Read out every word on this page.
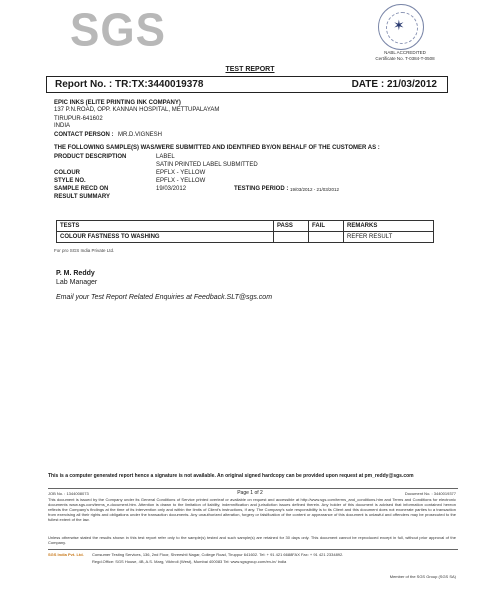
SGS	✶
NABL ACCREDITED
Certificate No. T-0384-T-0508
TEST REPORT
Report No. : TR:TX:3440019378	DATE : 21/03/2012
EPIC INKS (ELITE PRINTING INK COMPANY)
137 P.N.ROAD, OPP. KANNAN HOSPITAL, METTUPALAYAM
TIRUPUR-641602
INDIA
CONTACT PERSON : MR.D.VIGNESH
THE FOLLOWING SAMPLE(S) WAS/WERE SUBMITTED AND IDENTIFIED BY/ON BEHALF OF THE CUSTOMER AS :
PRODUCT DESCRIPTION	LABEL
SATIN PRINTED LABEL SUBMITTED
COLOUR	EPFLX - YELLOW
STYLE NO.	EPFLX - YELLOW
SAMPLE RECD ON	19/03/2012	TESTING PERIOD : 19/03/2012 - 21/03/2012
RESULT SUMMARY
TESTS	PASS	FAIL	REMARKS
COLOUR FASTNESS TO WASHING			REFER RESULT
For pro SGS India Private Ltd.
P. M. Reddy
Lab Manager
Email your Test Report Related Enquiries at Feedback.SLT@sgs.com
This is a computer generated report hence a signature is not available. An original signed hardcopy can be provided upon request at pm_reddy@sgs.com
JOB No. : 1344008073	Page 1 of 2	Document No. : 3440019377
This document is issued by the Company under its General Conditions of Service printed overleaf or available on request and accessible at http://www.sgs.com/terms_and_conditions.htm and Terms and Conditions for electronic documents www.sgs.com/terms_e-document.htm. Attention is drawn to the limitation of liability, indemnification and jurisdiction issues defined therein. Any holder of this document is advised that information contained hereon reflects the Company's findings at the time of its intervention only and within the limits of Client's instructions, if any. The Company's sole responsibility is to its Client and this document does not exonerate parties to a transaction from exercising all their rights and obligations under the transaction documents. Any unauthorized alteration, forgery or falsification of the content or appearance of this document is unlawful and offenders may be prosecuted to the fullest extent of the law.
Unless otherwise stated the results shown in this test report refer only to the sample(s) tested and such sample(s) are retained for 30 days only. This document cannot be reproduced except in full, without prior approval of the Company.
SGS India Pvt. Ltd. Consumer Testing Services, 136, 2nd Floor, Shreeshti Nagar, College Road, Tiruppur 641602. Tel: + 91 421 6688FAX Fax: + 91 421 2334892.
Regd.Office: SGS House, 4B, A.S. Marg, Vikhroli (West), Mumbai 400083 Tel: www.sgsgroup.com/en-in/ India
Member of the SGS Group (SGS SA)
